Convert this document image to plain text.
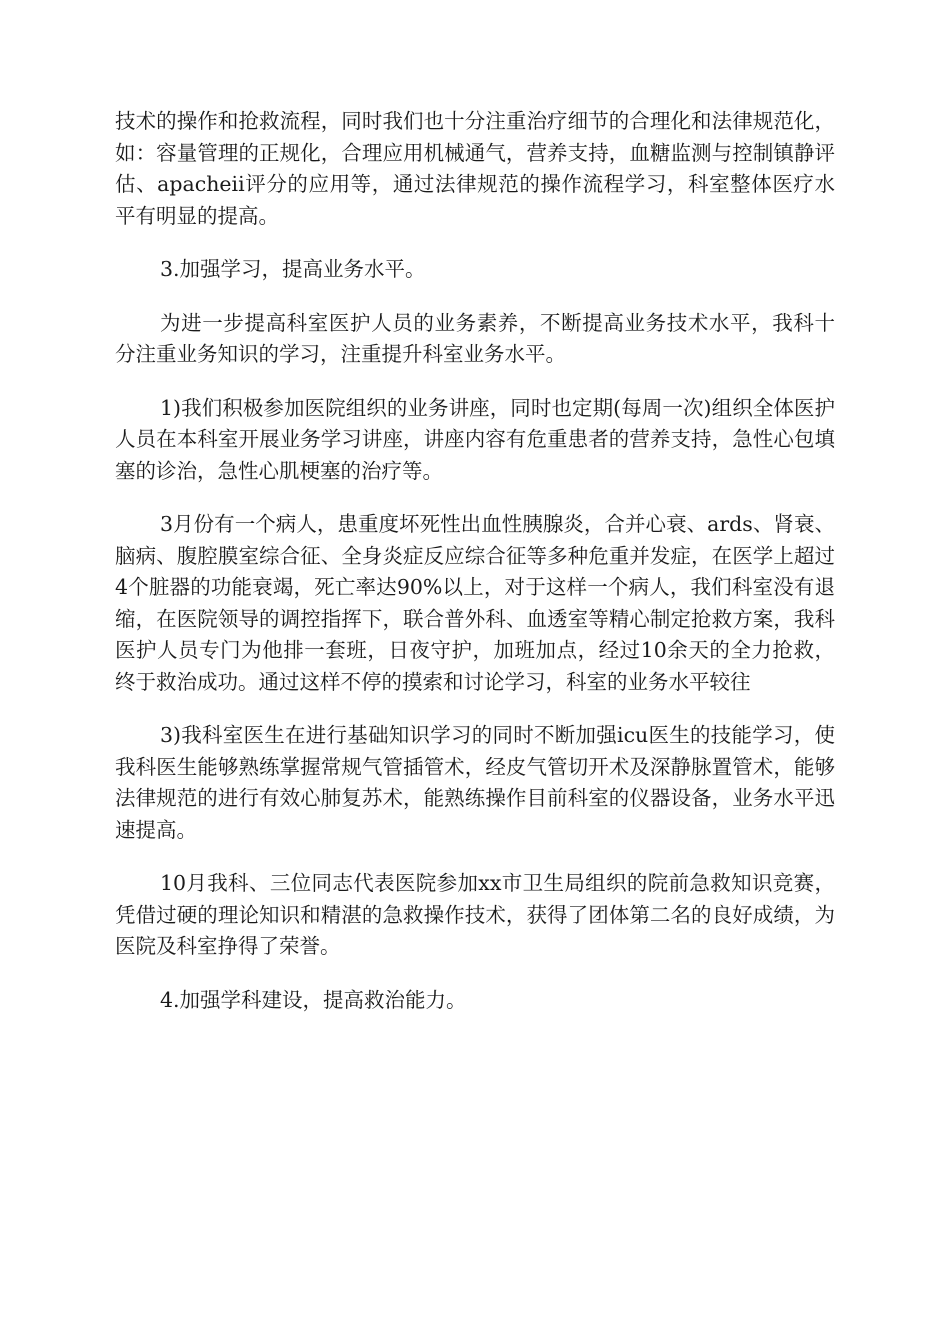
技术的操作和抢救流程，同时我们也十分注重治疗细节的合理化和法律规范化，如：容量管理的正规化，合理应用机械通气，营养支持，血糖监测与控制镇静评估、apacheii评分的应用等，通过法律规范的操作流程学习，科室整体医疗水平有明显的提高。

3.加强学习，提高业务水平。

为进一步提高科室医护人员的业务素养，不断提高业务技术水平，我科十分注重业务知识的学习，注重提升科室业务水平。

1)我们积极参加医院组织的业务讲座，同时也定期(每周一次)组织全体医护人员在本科室开展业务学习讲座，讲座内容有危重患者的营养支持，急性心包填塞的诊治，急性心肌梗塞的治疗等。

3月份有一个病人，患重度坏死性出血性胰腺炎，合并心衰、ards、肾衰、脑病、腹腔膜室综合征、全身炎症反应综合征等多种危重并发症，在医学上超过4个脏器的功能衰竭，死亡率达90%以上，对于这样一个病人，我们科室没有退缩，在医院领导的调控指挥下，联合普外科、血透室等精心制定抢救方案，我科医护人员专门为他排一套班，日夜守护，加班加点，经过10余天的全力抢救，终于救治成功。通过这样不停的摸索和讨论学习，科室的业务水平较往

3)我科室医生在进行基础知识学习的同时不断加强icu医生的技能学习，使我科医生能够熟练掌握常规气管插管术，经皮气管切开术及深静脉置管术，能够法律规范的进行有效心肺复苏术，能熟练操作目前科室的仪器设备，业务水平迅速提高。

10月我科、三位同志代表医院参加xx市卫生局组织的院前急救知识竞赛，凭借过硬的理论知识和精湛的急救操作技术，获得了团体第二名的良好成绩，为医院及科室挣得了荣誉。

4.加强学科建设，提高救治能力。
